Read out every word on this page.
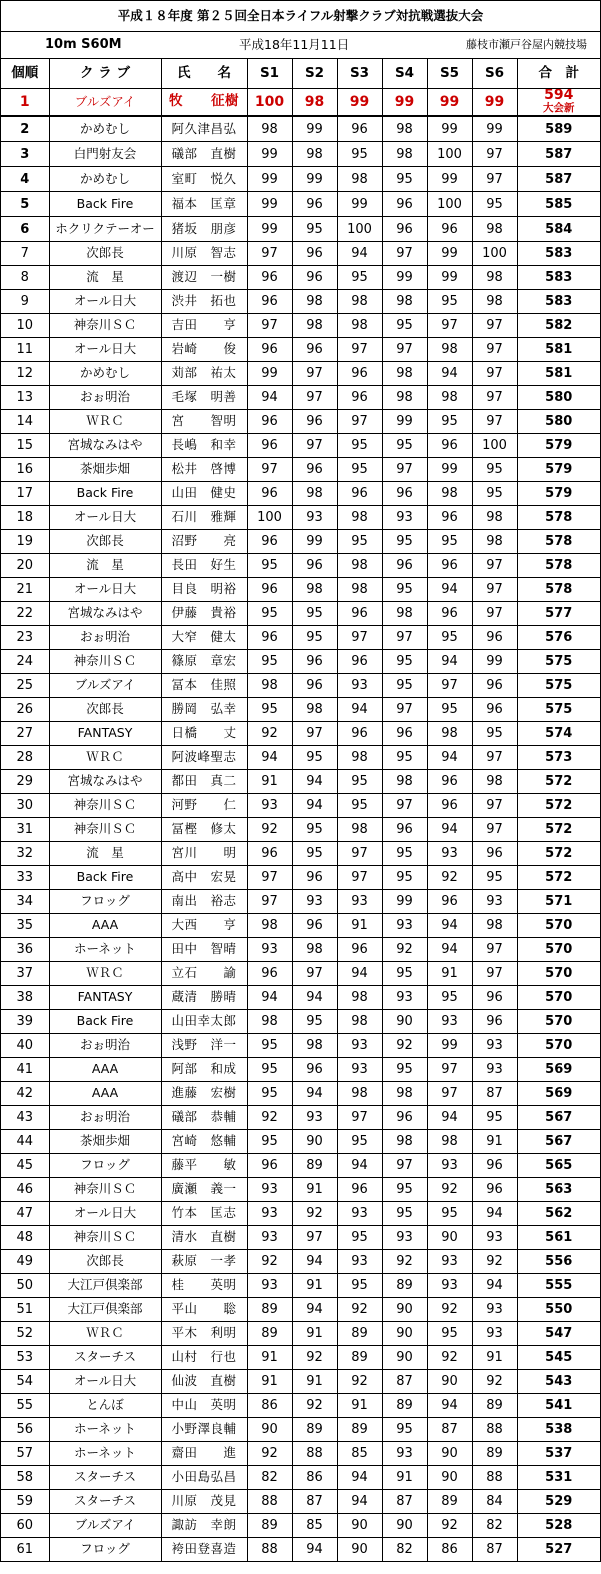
平成１８年度 第２５回全日本ライフル射撃クラブ対抗戦選抜大会
10m S60M	平成18年11月11日	藤枝市瀬戸谷屋内競技場
個順	ク ラ ブ	氏　　名	S1	S2	S3	S4	S5	S6	合　計
1	ブルズアイ	牧　　征樹	100	98	99	99	99	99	594
大会新

2	かめむし	阿久津昌弘	98	99	96	98	99	99	589
3	白門射友会	礒部　直樹	99	98	95	98	100	97	587
4	かめむし	室町　悦久	99	99	98	95	99	97	587
5	Back Fire	福本　匡章	99	96	99	96	100	95	585
6	ホクリクテーオー	猪坂　朋彦	99	95	100	96	96	98	584
7	次郎長	川原　智志	97	96	94	97	99	100	583
8	流　星	渡辺　一樹	96	96	95	99	99	98	583
9	オール日大	渋井　拓也	96	98	98	98	95	98	583
10	神奈川ＳＣ	吉田　　亨	97	98	98	95	97	97	582
11	オール日大	岩崎　　俊	96	96	97	97	98	97	581
12	かめむし	苅部　祐太	99	97	96	98	94	97	581
13	おぉ明治	毛塚　明善	94	97	96	98	98	97	580
14	ＷＲＣ	宮　　智明	96	96	97	99	95	97	580
15	宮城なみはや	長嶋　和幸	96	97	95	95	96	100	579
16	茶畑歩畑	松井　啓博	97	96	95	97	99	95	579
17	Back Fire	山田　健史	96	98	96	96	98	95	579
18	オール日大	石川　雅輝	100	93	98	93	96	98	578
19	次郎長	沼野　　亮	96	99	95	95	95	98	578
20	流　星	長田　好生	95	96	98	96	96	97	578
21	オール日大	目良　明裕	96	98	98	95	94	97	578
22	宮城なみはや	伊藤　貴裕	95	95	96	98	96	97	577
23	おぉ明治	大窄　健太	96	95	97	97	95	96	576
24	神奈川ＳＣ	篠原　章宏	95	96	96	95	94	99	575
25	ブルズアイ	冨本　佳照	98	96	93	95	97	96	575
26	次郎長	勝岡　弘幸	95	98	94	97	95	96	575
27	FANTASY	日橋　　丈	92	97	96	96	98	95	574
28	ＷＲＣ	阿波峰聖志	94	95	98	95	94	97	573
29	宮城なみはや	都田　真二	91	94	95	98	96	98	572
30	神奈川ＳＣ	河野　　仁	93	94	95	97	96	97	572
31	神奈川ＳＣ	冨樫　修太	92	95	98	96	94	97	572
32	流　星	宮川　　明	96	95	97	95	93	96	572
33	Back Fire	高中　宏晃	97	96	97	95	92	95	572
34	フロッグ	南出　裕志	97	93	93	99	96	93	571
35	AAA	大西　　亨	98	96	91	93	94	98	570
36	ホーネット	田中　智晴	93	98	96	92	94	97	570
37	ＷＲＣ	立石　　諭	96	97	94	95	91	97	570
38	FANTASY	蔵清　勝晴	94	94	98	93	95	96	570
39	Back Fire	山田幸太郎	98	95	98	90	93	96	570
40	おぉ明治	浅野　洋一	95	98	93	92	99	93	570
41	AAA	阿部　和成	95	96	93	95	97	93	569
42	AAA	進藤　宏樹	95	94	98	98	97	87	569
43	おぉ明治	礒部　恭輔	92	93	97	96	94	95	567
44	茶畑歩畑	宮崎　悠輔	95	90	95	98	98	91	567
45	フロッグ	藤平　　敏	96	89	94	97	93	96	565
46	神奈川ＳＣ	廣瀬　義一	93	91	96	95	92	96	563
47	オール日大	竹本　匡志	93	92	93	95	95	94	562
48	神奈川ＳＣ	清水　直樹	93	97	95	93	90	93	561
49	次郎長	萩原　一孝	92	94	93	92	93	92	556
50	大江戸倶楽部	桂　　英明	93	91	95	89	93	94	555
51	大江戸倶楽部	平山　　聡	89	94	92	90	92	93	550
52	ＷＲＣ	平木　利明	89	91	89	90	95	93	547
53	スターチス	山村　行也	91	92	89	90	92	91	545
54	オール日大	仙波　直樹	91	91	92	87	90	92	543
55	とんぼ	中山　英明	86	92	91	89	94	89	541
56	ホーネット	小野澤良輔	90	89	89	95	87	88	538
57	ホーネット	齋田　　進	92	88	85	93	90	89	537
58	スターチス	小田島弘昌	82	86	94	91	90	88	531
59	スターチス	川原　茂見	88	87	94	87	89	84	529
60	ブルズアイ	諏訪　幸朗	89	85	90	90	92	82	528
61	フロッグ	袴田登喜造	88	94	90	82	86	87	527
